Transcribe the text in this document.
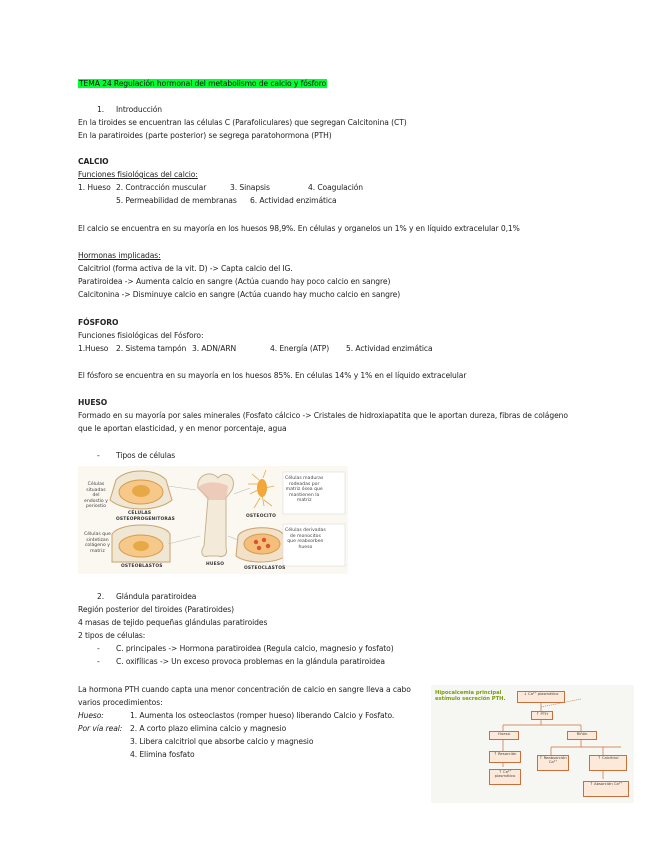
TEMA 24 Regulación hormonal del metabolismo de calcio y fósforo
1. Introducción
En la tiroides se encuentran las células C (Parafoliculares) que segregan Calcitonina (CT)
En la paratiroides (parte posterior) se segrega paratohormona (PTH)
CALCIO
Funciones fisiológicas del calcio:
1. Hueso 2. Contracción muscular	3. Sinapsis	4. Coagulación
5. Permeabilidad de membranas 6. Actividad enzimática
El calcio se encuentra en su mayoría en los huesos 98,9%. En células y organelos un 1% y en líquido extracelular 0,1%
Hormonas implicadas:
Calcitriol (forma activa de la vit. D) -> Capta calcio del IG.
Paratiroidea -> Aumenta calcio en sangre (Actúa cuando hay poco calcio en sangre)
Calcitonina -> Disminuye calcio en sangre (Actúa cuando hay mucho calcio en sangre)
FÓSFORO
Funciones fisiológicas del Fósforo:
1.Hueso 2. Sistema tampón 3. ADN/ARN	4. Energía (ATP) 5. Actividad enzimática
El fósforo se encuentra en su mayoría en los huesos 85%. En células 14% y 1% en el líquido extracelular
HUESO
Formado en su mayoría por sales minerales (Fosfato cálcico -> Cristales de hidroxiapatita que le aportan dureza, fibras de colágeno
que le aportan elasticidad, y en menor porcentaje, agua
- Tipos de células
Células
situadas
del
endostio y
periostio
Células que
sintetizan
colágeno y
matriz
Células maduras
rodeadas por
matriz ósea que
mantienen la
matriz
Células derivadas
de monocitos
que reabsorben
hueso
CÉLULAS
OSTEOPROGENITORAS
OSTEOBLASTOS	HUESO
OSTEOCITO
OSTEOCLASTOS
2. Glándula paratiroidea
Región posterior del tiroides (Paratiroides)
4 masas de tejido pequeñas glándulas paratiroides
2 tipos de células:
- C. principales -> Hormona paratiroidea (Regula calcio, magnesio y fosfato)
- C. oxifílicas -> Un exceso provoca problemas en la glándula paratiroidea
La hormona PTH cuando capta una menor concentración de calcio en sangre lleva a cabo
varios procedimientos:
Hueso:	1. Aumenta los osteoclastos (romper hueso) liberando Calcio y Fosfato.
Por vía real: 2. A corto plazo elimina calcio y magnesio
3. Libera calcitriol que absorbe calcio y magnesio
4. Elimina fosfato
Hipocalcemia principal
estímulo secreción PTH.
↓ Ca²⁺ plasmático
↑ PTH
Hueso	Riñón
↑ Resorción
↑ Reabsorción Ca²⁺
↑ Calcitriol
↑ Ca²⁺ plasmático
↑ Absorción Ca²⁺
